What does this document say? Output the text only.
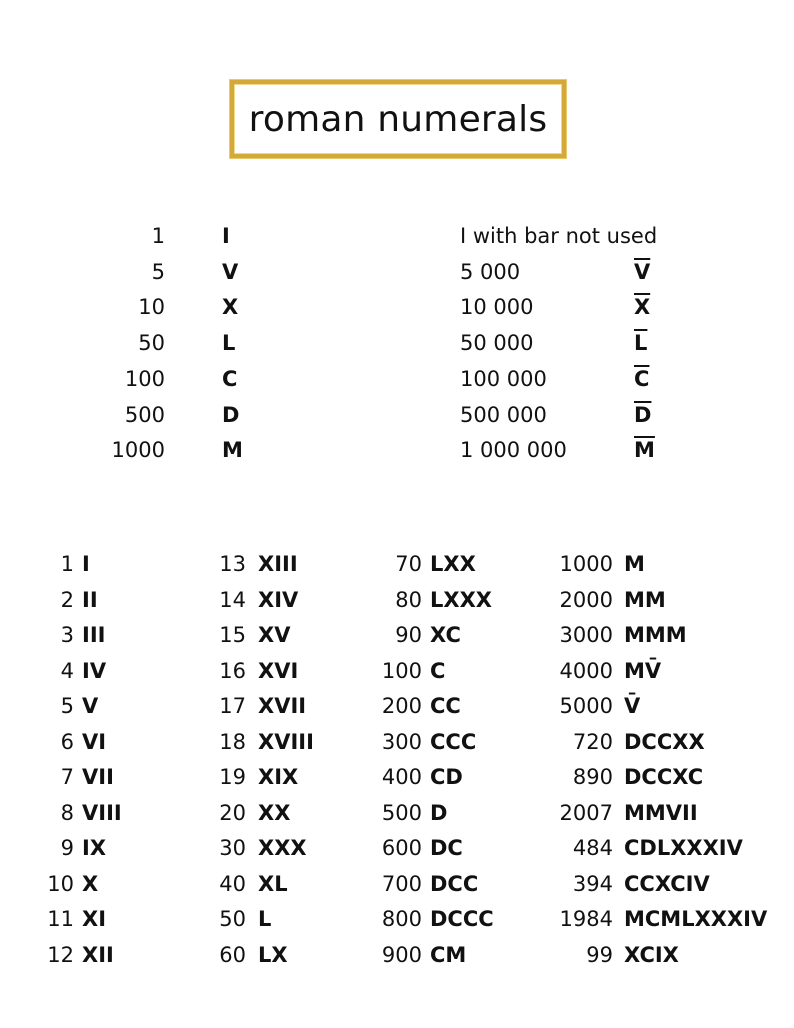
roman numerals
1	I
5	V
10	X
50	L
100	C
500	D
1000	M
I with bar not used
5 000	$\overline{V}$
10 000	$\overline{X}$
50 000	$\overline{L}$
100 000	$\overline{C}$
500 000	$\overline{D}$
1 000 000	$\overline{M}$
1 I
2 II
3 III
4 IV
5 V
6 VI
7 VII
8 VIII
9 IX
10 X
11 XI
12 XII
13 XIII
14 XIV
15 XV
16 XVI
17 XVII
18 XVIII
19 XIX
20 XX
30 XXX
40 XL
50 L
60 LX
70 LXX
80 LXXX
90 XC
100 C
200 CC
300 CCC
400 CD
500 D
600 DC
700 DCC
800 DCCC
900 CM
1000 M
2000 MM
3000 MMM
4000 MV̄
5000 V̄
720 DCCXX
890 DCCXC
2007 MMVII
484 CDLXXXIV
394 CCXCIV
1984 MCMLXXXIV
99 XCIX
